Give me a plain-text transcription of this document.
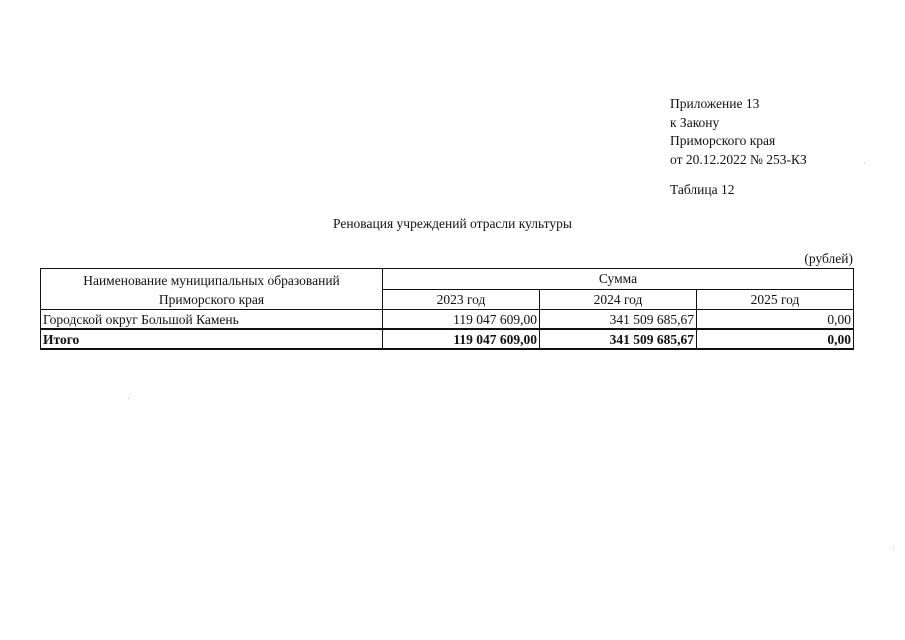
Приложение 13
к Закону
Приморского края
от 20.12.2022 № 253-КЗ
Таблица 12
Реновация учреждений отрасли культуры
(рублей)
Наименование муниципальных образований
Приморского края	Сумма		
	2023 год	2024 год	2025 год
Городской округ Большой Камень	119 047 609,00	341 509 685,67	0,00
Итого	119 047 609,00	341 509 685,67	0,00
